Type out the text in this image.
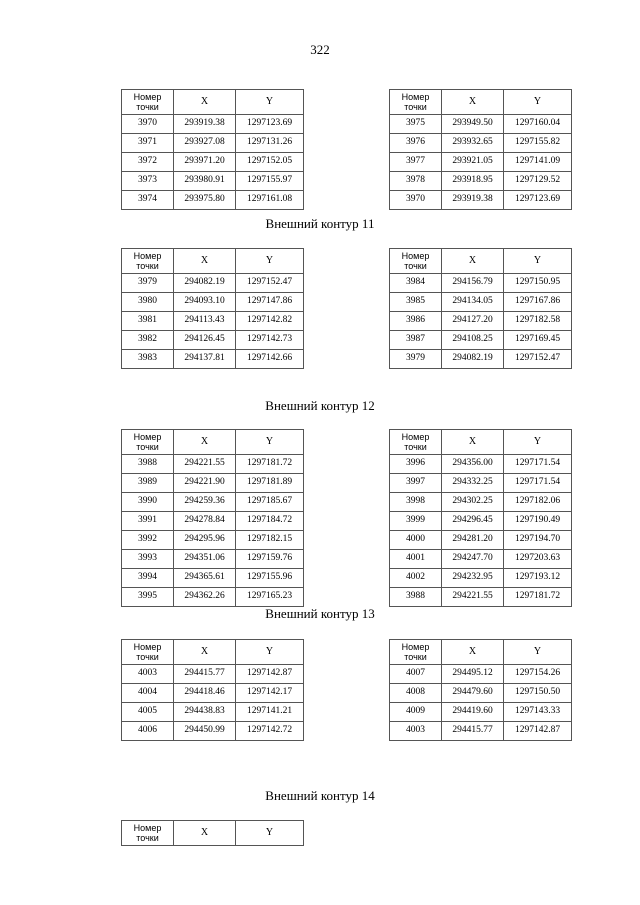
322
Внешний контур 11
Внешний контур 12
Внешний контур 13
Внешний контур 14
Номер
точки	X	Y
3970	293919.38	1297123.69
3971	293927.08	1297131.26
3972	293971.20	1297152.05
3973	293980.91	1297155.97
3974	293975.80	1297161.08
Номер
точки	X	Y
3975	293949.50	1297160.04
3976	293932.65	1297155.82
3977	293921.05	1297141.09
3978	293918.95	1297129.52
3970	293919.38	1297123.69
Номер
точки	X	Y
3979	294082.19	1297152.47
3980	294093.10	1297147.86
3981	294113.43	1297142.82
3982	294126.45	1297142.73
3983	294137.81	1297142.66
Номер
точки	X	Y
3984	294156.79	1297150.95
3985	294134.05	1297167.86
3986	294127.20	1297182.58
3987	294108.25	1297169.45
3979	294082.19	1297152.47
Номер
точки	X	Y
3988	294221.55	1297181.72
3989	294221.90	1297181.89
3990	294259.36	1297185.67
3991	294278.84	1297184.72
3992	294295.96	1297182.15
3993	294351.06	1297159.76
3994	294365.61	1297155.96
3995	294362.26	1297165.23
Номер
точки	X	Y
3996	294356.00	1297171.54
3997	294332.25	1297171.54
3998	294302.25	1297182.06
3999	294296.45	1297190.49
4000	294281.20	1297194.70
4001	294247.70	1297203.63
4002	294232.95	1297193.12
3988	294221.55	1297181.72
Номер
точки	X	Y
4003	294415.77	1297142.87
4004	294418.46	1297142.17
4005	294438.83	1297141.21
4006	294450.99	1297142.72
Номер
точки	X	Y
4007	294495.12	1297154.26
4008	294479.60	1297150.50
4009	294419.60	1297143.33
4003	294415.77	1297142.87
Номер
точки	X	Y
